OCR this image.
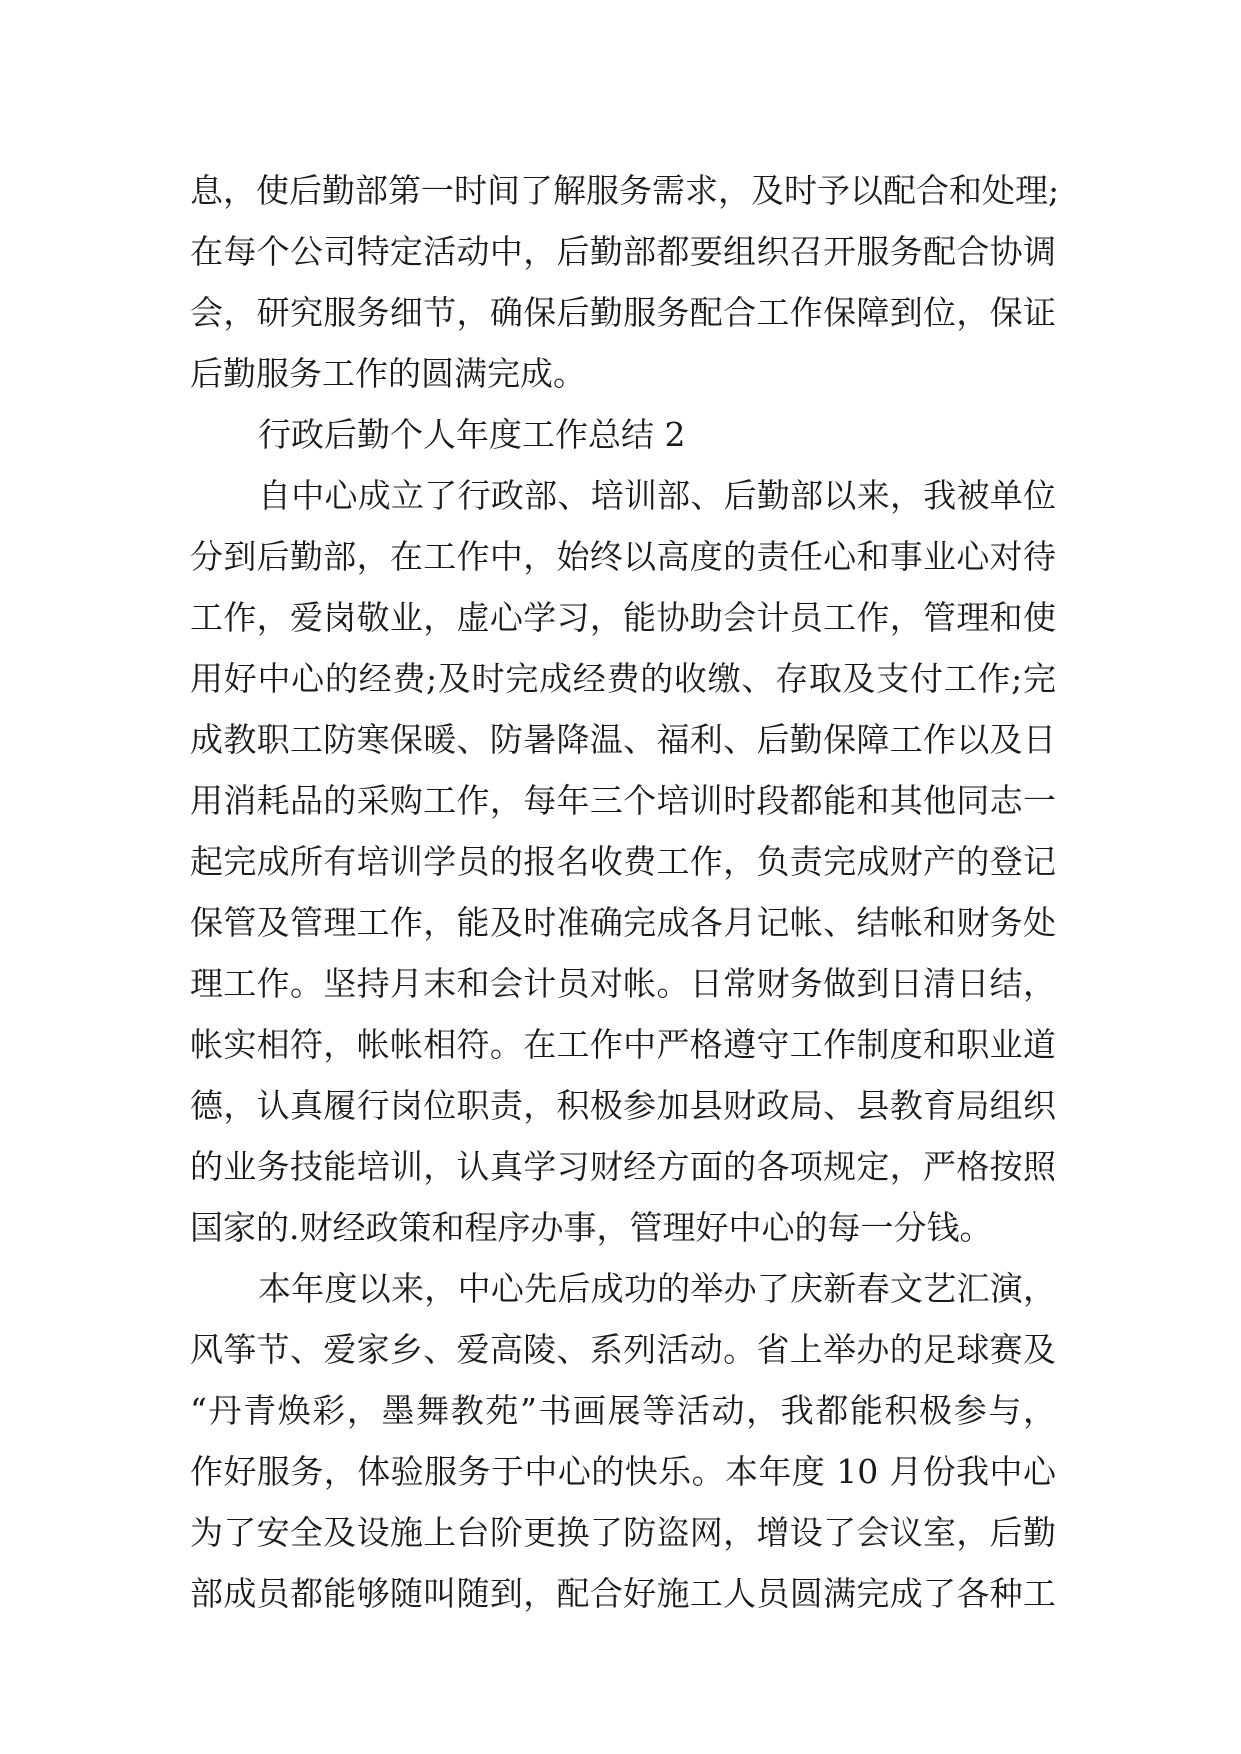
息，使后勤部第一时间了解服务需求，及时予以配合和处理;
在每个公司特定活动中，后勤部都要组织召开服务配合协调
会，研究服务细节，确保后勤服务配合工作保障到位，保证
后勤服务工作的圆满完成。
行政后勤个人年度工作总结 2
自中心成立了行政部、培训部、后勤部以来，我被单位
分到后勤部，在工作中，始终以高度的责任心和事业心对待
工作，爱岗敬业，虚心学习，能协助会计员工作，管理和使
用好中心的经费;及时完成经费的收缴、存取及支付工作;完
成教职工防寒保暖、防暑降温、福利、后勤保障工作以及日
用消耗品的采购工作，每年三个培训时段都能和其他同志一
起完成所有培训学员的报名收费工作，负责完成财产的登记
保管及管理工作，能及时准确完成各月记帐、结帐和财务处
理工作。坚持月末和会计员对帐。日常财务做到日清日结，
帐实相符，帐帐相符。在工作中严格遵守工作制度和职业道
德，认真履行岗位职责，积极参加县财政局、县教育局组织
的业务技能培训，认真学习财经方面的各项规定，严格按照
国家的.财经政策和程序办事，管理好中心的每一分钱。
本年度以来，中心先后成功的举办了庆新春文艺汇演，
风筝节、爱家乡、爱高陵、系列活动。省上举办的足球赛及
“丹青焕彩，墨舞教苑”书画展等活动，我都能积极参与，
作好服务，体验服务于中心的快乐。本年度 10 月份我中心
为了安全及设施上台阶更换了防盗网，增设了会议室，后勤
部成员都能够随叫随到，配合好施工人员圆满完成了各种工
